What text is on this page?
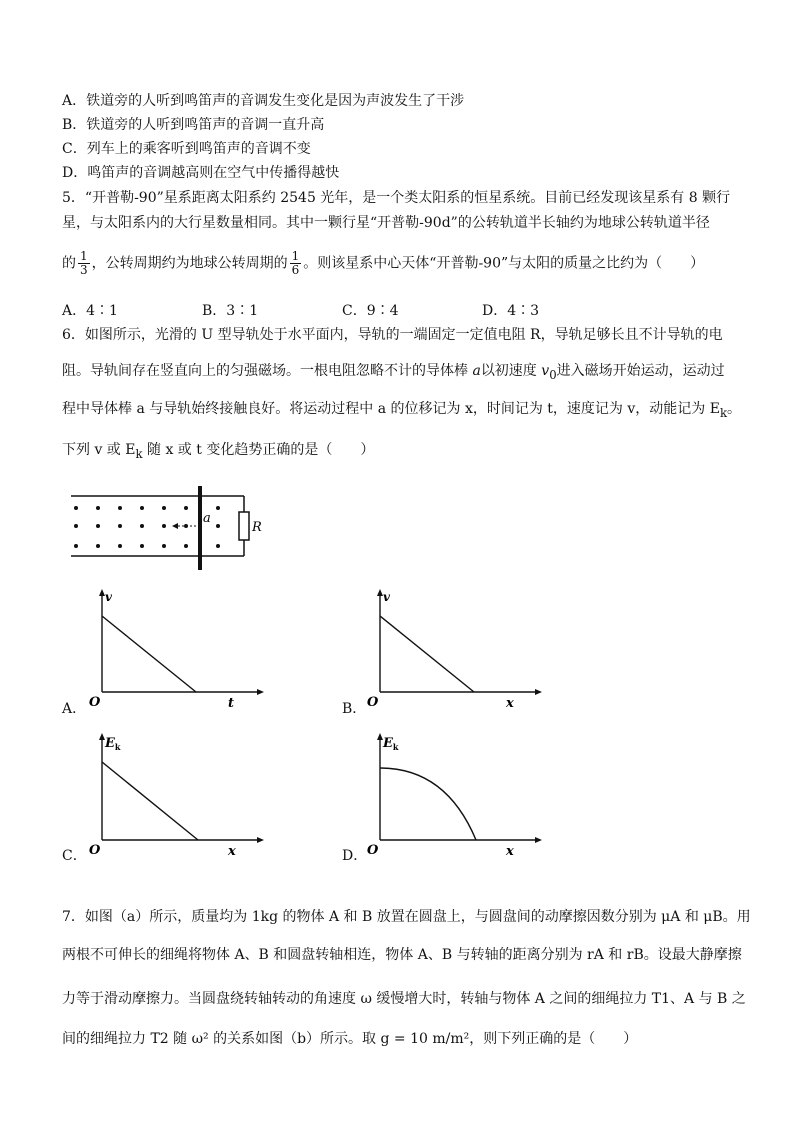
A．铁道旁的人听到鸣笛声的音调发生变化是因为声波发生了干涉
B．铁道旁的人听到鸣笛声的音调一直升高
C．列车上的乘客听到鸣笛声的音调不变
D．鸣笛声的音调越高则在空气中传播得越快
5．“开普勒-90”星系距离太阳系约 2545 光年，是一个类太阳系的恒星系统。目前已经发现该星系有 8 颗行
星，与太阳系内的大行星数量相同。其中一颗行星“开普勒-90d”的公转轨道半长轴约为地球公转轨道半径
的 $\frac{1}{3}$ ，公转周期约为地球公转周期的 $\frac{1}{6}$ 。则该星系中心天体“开普勒-90”与太阳的质量之比约为（　　）
A．4∶1	B．3∶1	C．9∶4	D．4∶3
6．如图所示，光滑的 U 型导轨处于水平面内，导轨的一端固定一定值电阻 R，导轨足够长且不计导轨的电
阻。导轨间存在竖直向上的匀强磁场。一根电阻忽略不计的导体棒 a以初速度 $v_0$进入磁场开始运动，运动过
程中导体棒 a 与导轨始终接触良好。将运动过程中 a 的位移记为 x，时间记为 t，速度记为 v，动能记为 $E_k$。
下列 v 或 $E_k$ 随 x 或 t 变化趋势正确的是（　　）
a
R
A．
v
O	t	B．
v
O	x
C．
$E_k$
O	x	D．
$E_k$
O	x
7．如图（a）所示，质量均为 1kg 的物体 A 和 B 放置在圆盘上，与圆盘间的动摩擦因数分别为 μA 和 μB。用
两根不可伸长的细绳将物体 A、B 和圆盘转轴相连，物体 A、B 与转轴的距离分别为 rA 和 rB。设最大静摩擦
力等于滑动摩擦力。当圆盘绕转轴转动的角速度 ω 缓慢增大时，转轴与物体 A 之间的细绳拉力 T1、A 与 B 之
间的细绳拉力 T2 随 ω² 的关系如图（b）所示。取 g = 10 m/m²，则下列正确的是（　　）
